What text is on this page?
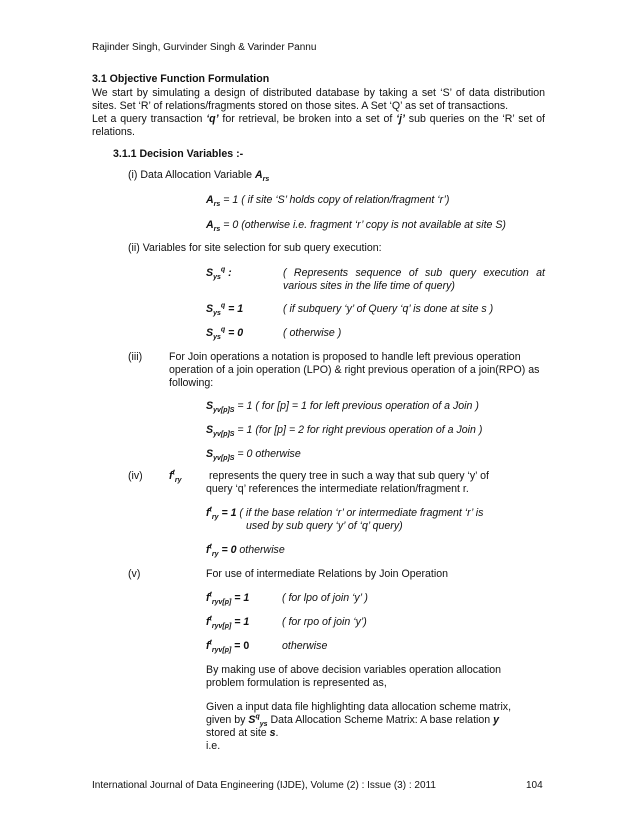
Rajinder Singh, Gurvinder Singh & Varinder Pannu
3.1 Objective Function Formulation
We start by simulating a design of distributed database by taking a set ‘S’ of data distribution
sites. Set ‘R’ of relations/fragments stored on those sites. A Set ‘Q’ as set of transactions.
Let a query transaction ‘q’ for retrieval, be broken into a set of ‘j’ sub queries on the ‘R’ set of
relations.
3.1.1 Decision Variables :-
(i) Data Allocation Variable $A_{rs}$
$A_{rs} = 1$ ( if site ‘S’ holds copy of relation/fragment ‘r’)
$A_{rs} = 0$ (otherwise i.e. fragment ‘r’ copy is not available at site S)
(ii) Variables for site selection for sub query execution:
$S_{ys}^q$ :	( Represents sequence of sub query execution at
various sites in the life time of query)
$S_{ys}^q = 1$	( if subquery ‘y’ of Query ‘q’ is done at site s )
$S_{ys}^q = 0$	( otherwise )
(iii)	For Join operations a notation is proposed to handle left previous operation
operation of a join operation (LPO) & right previous operation of a join(RPO) as
following:
$S_{yv[p]S} = 1$ ( for [p] = 1 for left previous operation of a Join )
$S_{yv[p]S} = 1$ (for [p] = 2 for right previous operation of a Join )
$S_{yv[p]S} = 0$ otherwise
(iv) $f^t_{ry}$	represents the query tree in such a way that sub query ‘y’ of
query ‘q’ references the intermediate relation/fragment r.
$f^t_{ry} = 1$ ( if the base relation ‘r’ or intermediate fragment ‘r’ is
used by sub query ‘y’ of ‘q’ query)
$f^t_{ry} = 0$ otherwise
(v)	For use of intermediate Relations by Join Operation
$f^t_{ryv[p]} = 1$	( for lpo of join ‘y’ )
$f^t_{ryv[p]} = 1$	( for rpo of join ‘y’)
$f^t_{ryv[p]} = 0$	otherwise
By making use of above decision variables operation allocation
problem formulation is represented as,
Given a input data file highlighting data allocation scheme matrix,
given by $S^q_{ys}$ Data Allocation Scheme Matrix: A base relation y
stored at site s.
i.e.
International Journal of Data Engineering (IJDE), Volume (2) : Issue (3) : 2011	104
